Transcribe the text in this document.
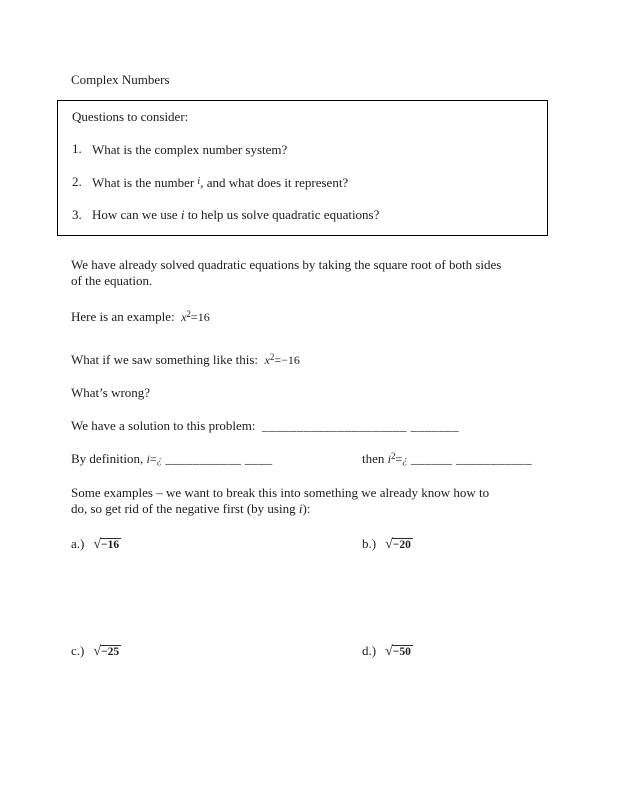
Complex Numbers
Questions to consider:
1. What is the complex number system?
2. What is the number $^i$, and what does it represent?
3. How can we use i to help us solve quadratic equations?
We have already solved quadratic equations by taking the square root of both sides
of the equation.
Here is an example: $x^2=16$
What if we saw something like this: $x^2=-16$
What’s wrong?
We have a solution to this problem: _____________________ _______
By definition, i=¿ ___________ ____	then $i^2=¿$ ______ ___________
Some examples – we want to break this into something we already know how to
do, so get rid of the negative first (by using i):
a.) √−16	b.) √−20
c.) √−25	d.) √−50
